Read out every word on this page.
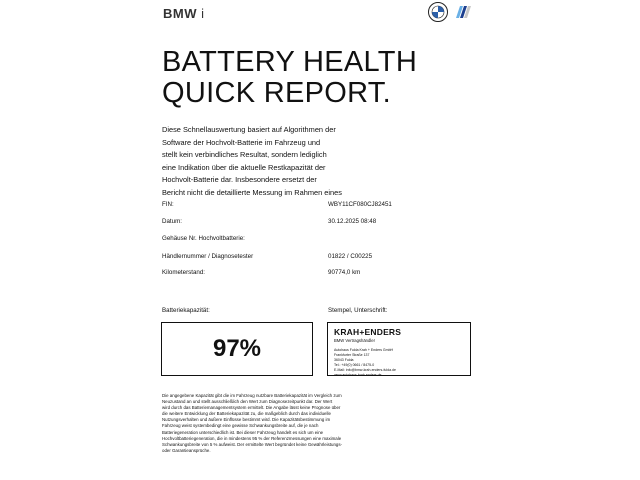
BMW i
BATTERY HEALTH
QUICK REPORT.
Diese Schnellauswertung basiert auf Algorithmen der
Software der Hochvolt-Batterie im Fahrzeug und
stellt kein verbindliches Resultat, sondern lediglich
eine Indikation über die aktuelle Restkapazität der
Hochvolt-Batterie dar. Insbesondere ersetzt der
Bericht nicht die detaillierte Messung im Rahmen eines
FIN:	WBY11CF080CJ82451
Datum:	30.12.2025 08:48
Gehäuse Nr. Hochvoltbatterie:
Händlernummer / Diagnosetester	01822 / C00225
Kilometerstand:	90774,0 km
Batteriekapazität:	Stempel, Unterschrift:
97%
KRAH+ENDERS
BMW Vertragshändler
Autohaus Fulda Krah + Enders GmbH
Frankfurter Straße 137
36043 Fulda
Tel.: +49(0) 0661 / 8475-0
E-Mail: info@bmw-krah-enders-fulda.de
www.autohaus-krah-enders.de
Die angegebene Kapazität gibt die im Fahrzeug nutzbare Batteriekapazität im Vergleich zum
Neuzustand an und stellt ausschließlich den Wert zum Diagnosezeitpunkt dar. Der Wert
wird durch das Batteriemanagementsystem ermittelt. Die Angabe lässt keine Prognose über
die weitere Entwicklung der Batteriekapazität zu, die maßgeblich durch das individuelle
Nutzungsverhalten und äußere Einflüsse bestimmt wird. Die Kapazitätsbestimmung im
Fahrzeug weist systembedingt eine gewisse Schwankungsbreite auf, die je nach
Batteriegeneration unterschiedlich ist. Bei dieser Fahrzeug handelt es sich um eine
Hochvoltbatteriegeneration, die in mindestens 95 % der Referenzmessungen eine maximale
Schwankungsbreite von 5 % aufweist. Der ermittelte Wert begründet keine Gewährleistungs-
oder Garantieansprüche.
